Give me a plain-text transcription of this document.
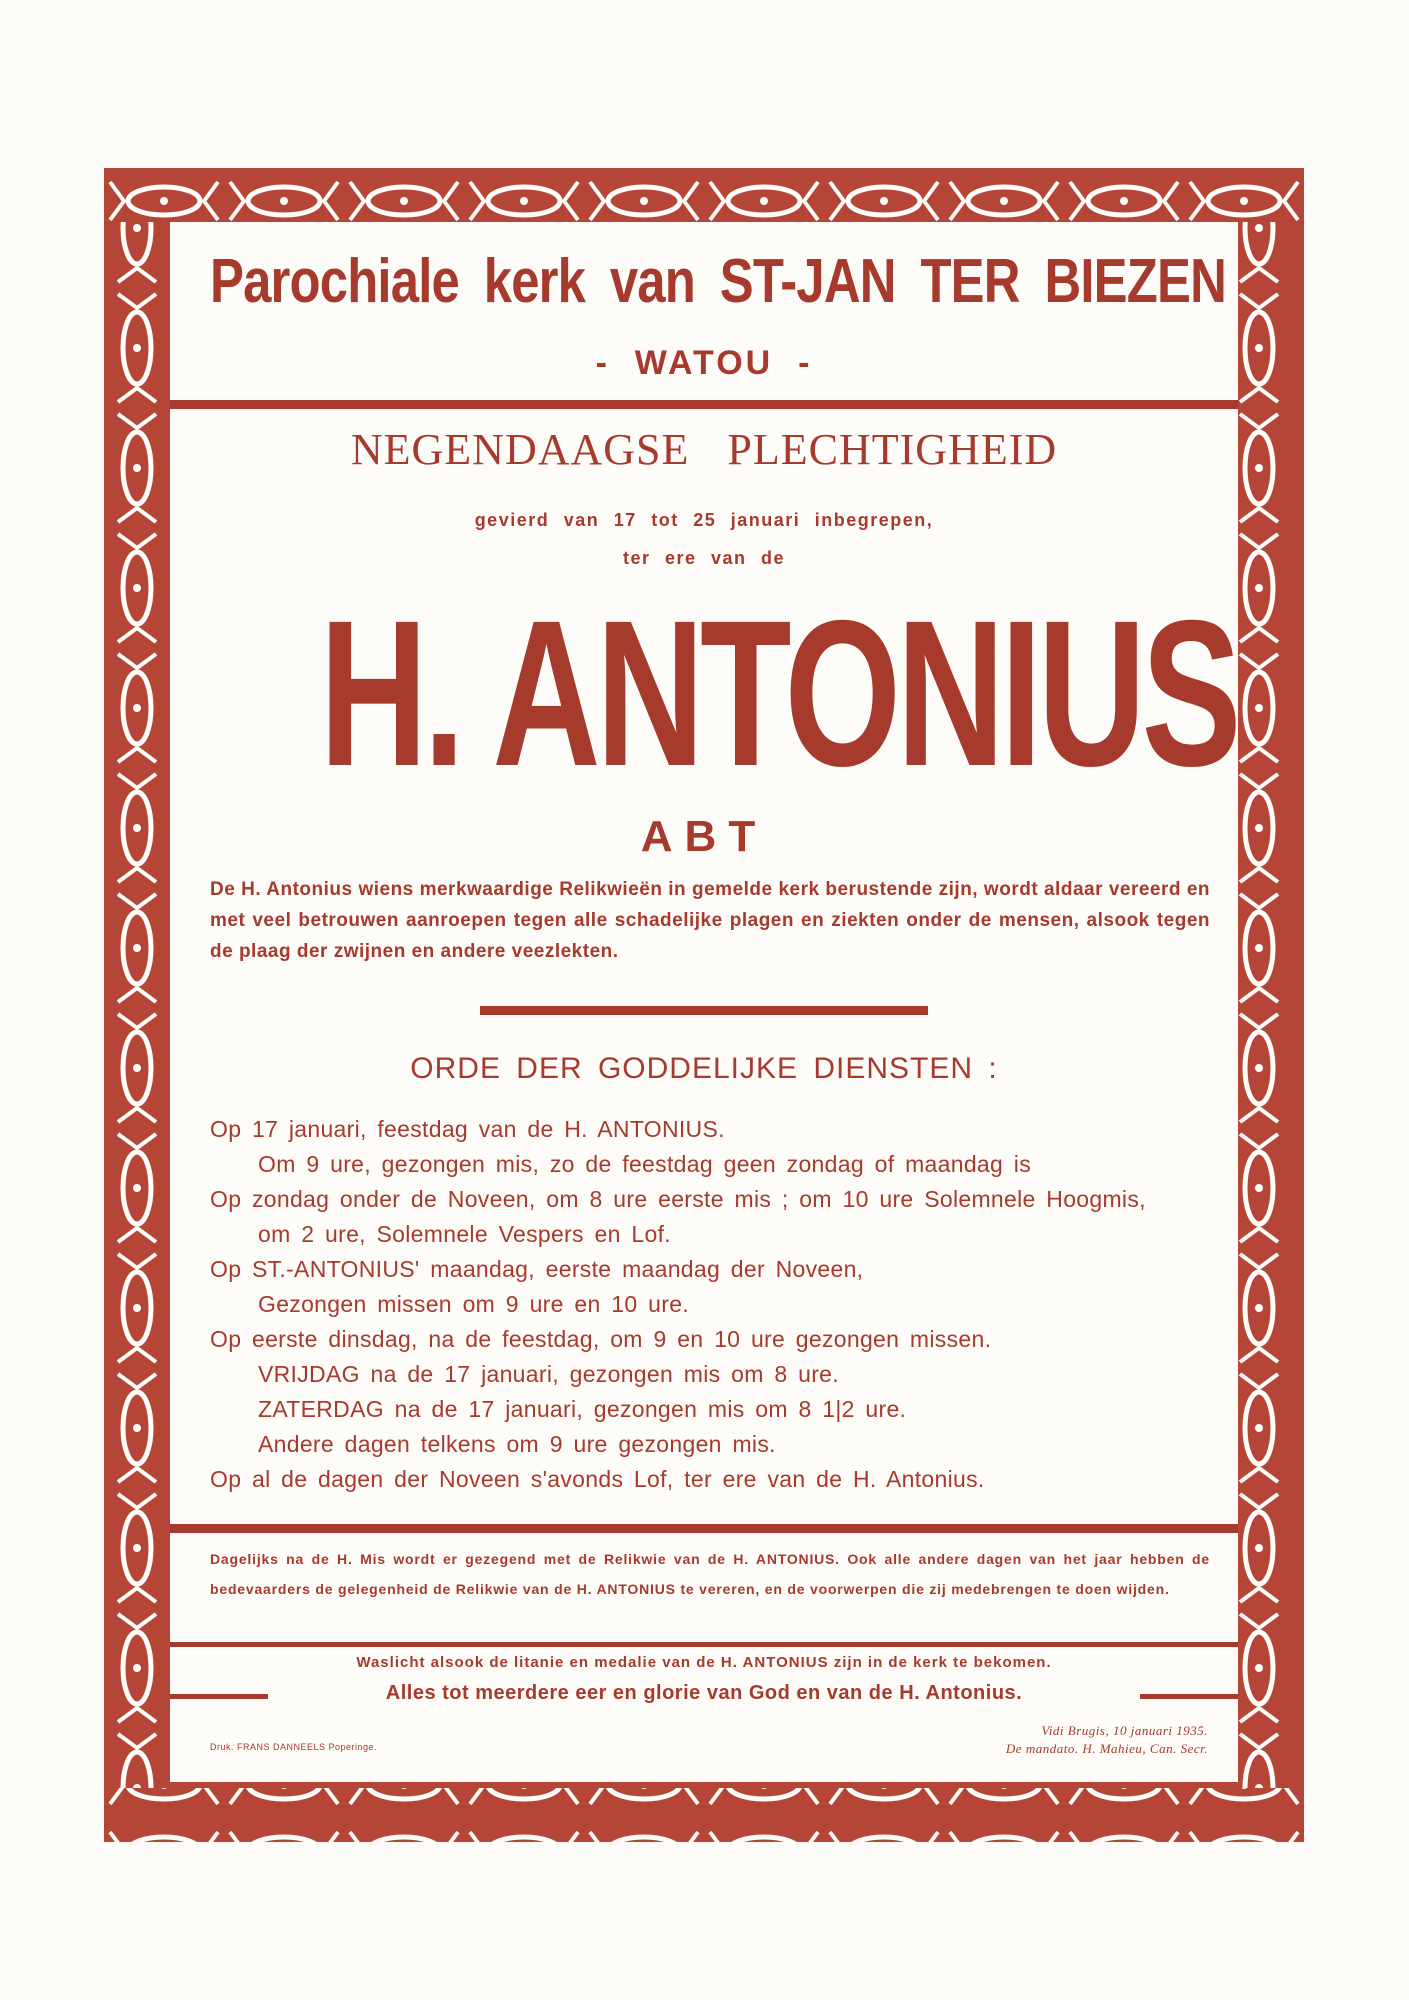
Parochiale kerk van ST-JAN TER BIEZEN
-  WATOU  -
NEGENDAAGSE PLECHTIGHEID
gevierd van 17 tot 25 januari inbegrepen,
ter ere van de
H. ANTONIUS
ABT
De H. Antonius wiens merkwaardige Relikwieën in gemelde kerk berustende zijn, wordt aldaar vereerd en met veel betrouwen aanroepen tegen alle schadelijke plagen en ziekten onder de mensen, alsook tegen de plaag der zwijnen en andere veezlekten.
ORDE DER GODDELIJKE DIENSTEN :
Op 17 januari, feestdag van de H. ANTONIUS.
Om 9 ure, gezongen mis, zo de feestdag geen zondag of maandag is
Op zondag onder de Noveen, om 8 ure eerste mis ; om 10 ure Solemnele Hoogmis,
om 2 ure, Solemnele Vespers en Lof.
Op ST.-ANTONIUS' maandag, eerste maandag der Noveen,
Gezongen missen om 9 ure en 10 ure.
Op eerste dinsdag, na de feestdag, om 9 en 10 ure gezongen missen.
VRIJDAG na de 17 januari, gezongen mis om 8 ure.
ZATERDAG na de 17 januari, gezongen mis om 8 1|2 ure.
Andere dagen telkens om 9 ure gezongen mis.
Op al de dagen der Noveen s'avonds Lof, ter ere van de H. Antonius.
Dagelijks na de H. Mis wordt er gezegend met de Relikwie van de H. ANTONIUS. Ook alle andere dagen van het jaar hebben de bedevaarders de gelegenheid de Relikwie van de H. ANTONIUS te vereren, en de voorwerpen die zij medebrengen te doen wijden.
Waslicht alsook de litanie en medalie van de H. ANTONIUS zijn in de kerk te bekomen.
Alles tot meerdere eer en glorie van God en van de H. Antonius.
Druk. FRANS DANNEELS Poperinge.
Vidi Brugis, 10 januari 1935.
De mandato. H. Mahieu, Can. Secr.
